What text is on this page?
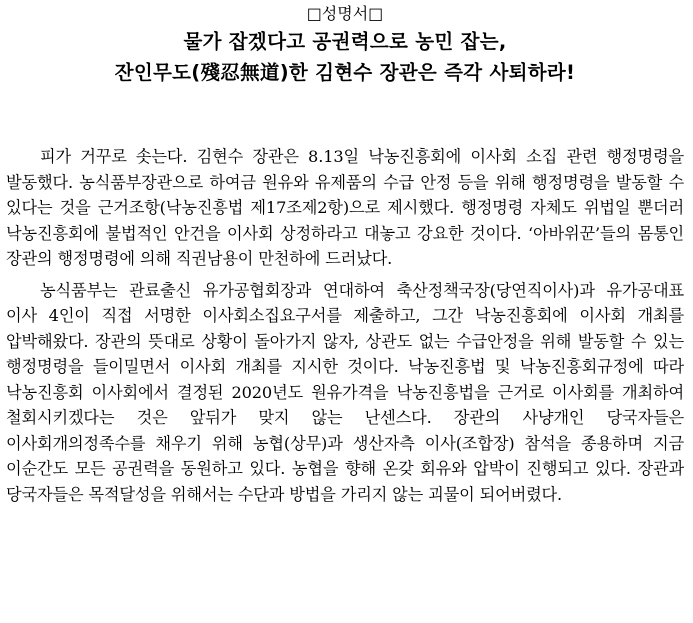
□성명서□
물가 잡겠다고 공권력으로 농민 잡는,
잔인무도(殘忍無道)한 김현수 장관은 즉각 사퇴하라!

피가 거꾸로 솟는다. 김현수 장관은 8.13일 낙농진흥회에 이사회 소집 관련 행정명령을 발동했다. 농식품부장관으로 하여금 원유와 유제품의 수급 안정 등을 위해 행정명령을 발동할 수 있다는 것을 근거조항(낙농진흥법 제17조제2항)으로 제시했다. 행정명령 자체도 위법일 뿐더러 낙농진흥회에 불법적인 안건을 이사회 상정하라고 대놓고 강요한 것이다. ‘아바위꾼’들의 몸통인 장관의 행정명령에 의해 직권남용이 만천하에 드러났다.

농식품부는 관료출신 유가공협회장과 연대하여 축산정책국장(당연직이사)과 유가공대표 이사 4인이 직접 서명한 이사회소집요구서를 제출하고, 그간 낙농진흥회에 이사회 개최를 압박해왔다. 장관의 뜻대로 상황이 돌아가지 않자, 상관도 없는 수급안정을 위해 발동할 수 있는 행정명령을 들이밀면서 이사회 개최를 지시한 것이다. 낙농진흥법 및 낙농진흥회규정에 따라 낙농진흥회 이사회에서 결정된 2020년도 원유가격을 낙농진흥법을 근거로 이사회를 개최하여 철회시키겠다는 것은 앞뒤가 맞지 않는 난센스다. 장관의 사냥개인 당국자들은 이사회개의정족수를 채우기 위해 농협(상무)과 생산자측 이사(조합장) 참석을 종용하며 지금 이순간도 모든 공권력을 동원하고 있다. 농협을 향해 온갖 회유와 압박이 진행되고 있다. 장관과 당국자들은 목적달성을 위해서는 수단과 방법을 가리지 않는 괴물이 되어버렸다.
